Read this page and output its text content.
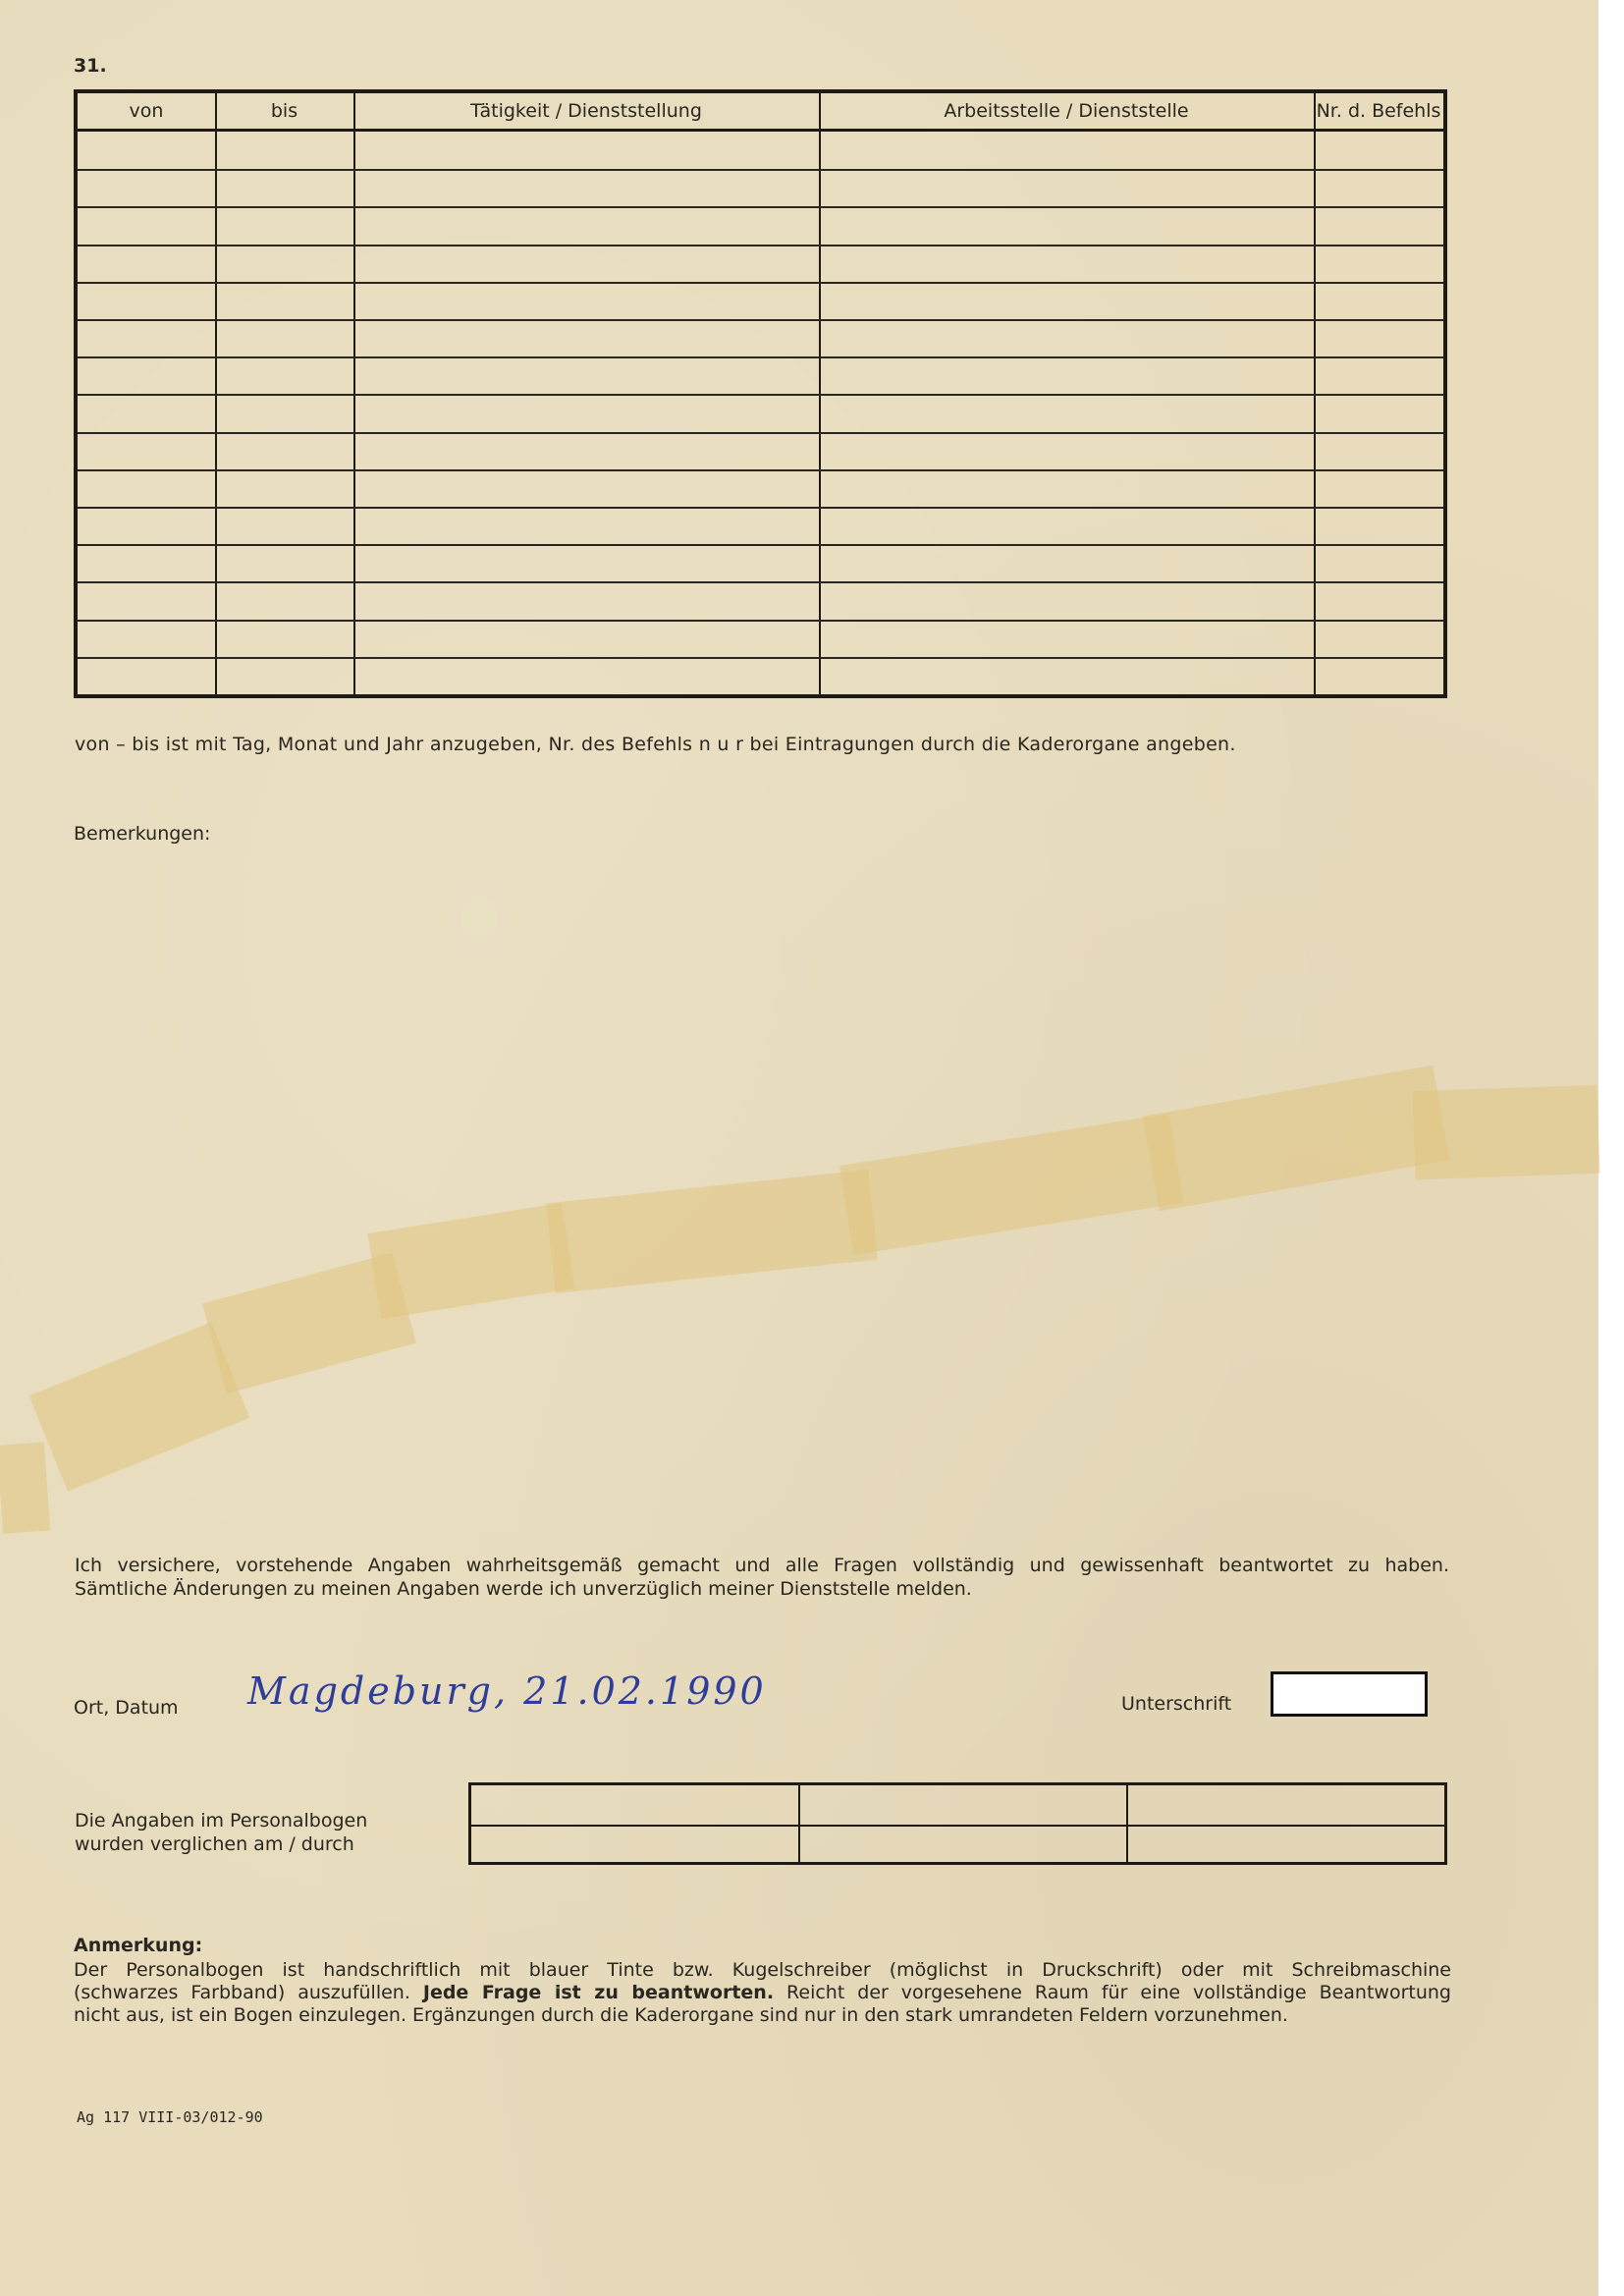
31.
von	bis	Tätigkeit / Dienststellung	Arbeitsstelle / Dienststelle	Nr. d. Befehls
von – bis ist mit Tag, Monat und Jahr anzugeben, Nr. des Befehls n u r bei Eintragungen durch die Kaderorgane angeben.
Bemerkungen:
Ich versichere, vorstehende Angaben wahrheitsgemäß gemacht und alle Fragen vollständig und gewissenhaft beantwortet zu haben.
Sämtliche Änderungen zu meinen Angaben werde ich unverzüglich meiner Dienststelle melden.
Ort, Datum Magdeburg, 21.02.1990	Unterschrift
Die Angaben im Personalbogen
wurden verglichen am / durch
Anmerkung:
Der Personalbogen ist handschriftlich mit blauer Tinte bzw. Kugelschreiber (möglichst in Druckschrift) oder mit Schreibmaschine
(schwarzes Farbband) auszufüllen. Jede Frage ist zu beantworten. Reicht der vorgesehene Raum für eine vollständige Beantwortung
nicht aus, ist ein Bogen einzulegen. Ergänzungen durch die Kaderorgane sind nur in den stark umrandeten Feldern vorzunehmen.
Ag 117 VIII-03/012-90
